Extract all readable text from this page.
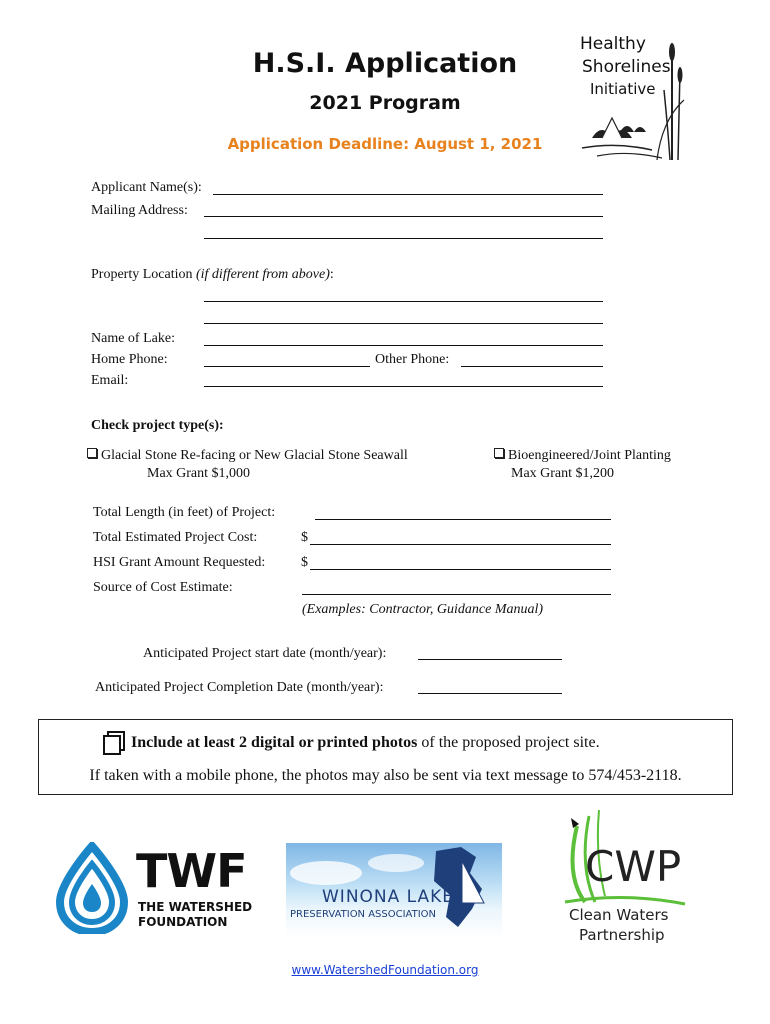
H.S.I. Application
2021 Program
Application Deadline: August 1, 2021
Healthy
Shorelines
Initiative
Applicant Name(s):
Mailing Address:
Property Location (if different from above):
Name of Lake:
Home Phone:	Other Phone:
Email:
Check project type(s):
Glacial Stone Re-facing or New Glacial Stone Seawall
Max Grant $1,000
Bioengineered/Joint Planting
Max Grant $1,200
Total Length (in feet) of Project:
Total Estimated Project Cost:	$
HSI Grant Amount Requested:	$
Source of Cost Estimate:
(Examples: Contractor, Guidance Manual)
Anticipated Project start date (month/year):
Anticipated Project Completion Date (month/year):
Include at least 2 digital or printed photos of the proposed project site.
If taken with a mobile phone, the photos may also be sent via text message to 574/453-2118.
TWF
THE WATERSHED
FOUNDATION
WINONA LAKE
PRESERVATION ASSOCIATION
CWP
Clean Waters
Partnership
www.WatershedFoundation.org
